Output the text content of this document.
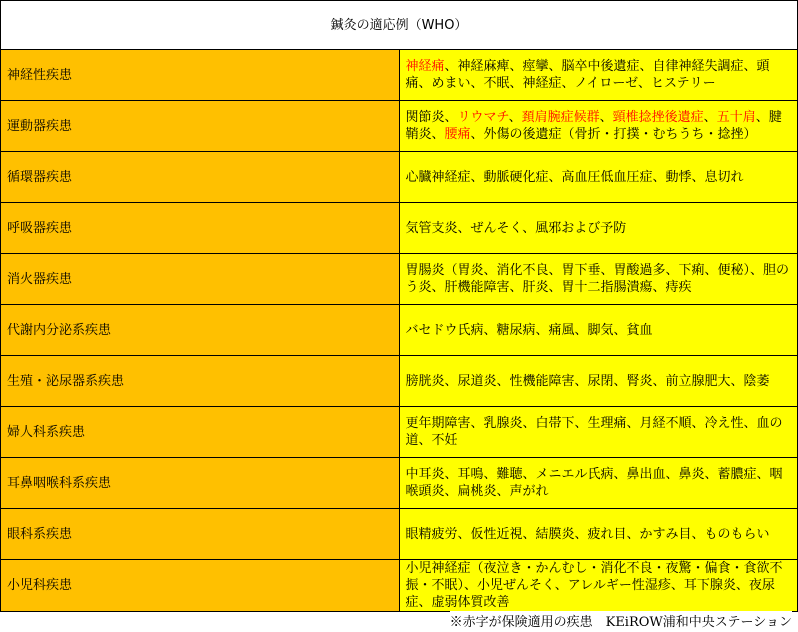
鍼灸の適応例（WHO）	
神経性疾患	神経痛、神経麻痺、痙攣、脳卒中後遺症、自律神経失調症、頭痛、めまい、不眠、神経症、ノイローゼ、ヒステリー
運動器疾患	関節炎、リウマチ、頚肩腕症候群、頸椎捻挫後遺症、五十肩、腱鞘炎、腰痛、外傷の後遺症（骨折・打撲・むちうち・捻挫）
循環器疾患	心臓神経症、動脈硬化症、高血圧低血圧症、動悸、息切れ
呼吸器疾患	気管支炎、ぜんそく、風邪および予防
消火器疾患	胃腸炎（胃炎、消化不良、胃下垂、胃酸過多、下痢、便秘）、胆のう炎、肝機能障害、肝炎、胃十二指腸潰瘍、痔疾
代謝内分泌系疾患	バセドウ氏病、糖尿病、痛風、脚気、貧血
生殖・泌尿器系疾患	膀胱炎、尿道炎、性機能障害、尿閉、腎炎、前立腺肥大、陰萎
婦人科系疾患	更年期障害、乳腺炎、白帯下、生理痛、月経不順、冷え性、血の道、不妊
耳鼻咽喉科系疾患	中耳炎、耳鳴、難聴、メニエル氏病、鼻出血、鼻炎、蓄膿症、咽喉頭炎、扁桃炎、声がれ
眼科系疾患	眼精疲労、仮性近視、結膜炎、疲れ目、かすみ目、ものもらい
小児科疾患	小児神経症（夜泣き・かんむし・消化不良・夜驚・偏食・食欲不振・不眠）、小児ぜんそく、アレルギー性湿疹、耳下腺炎、夜尿症、虚弱体質改善
※赤字が保険適用の疾患　KEiROW浦和中央ステーション
